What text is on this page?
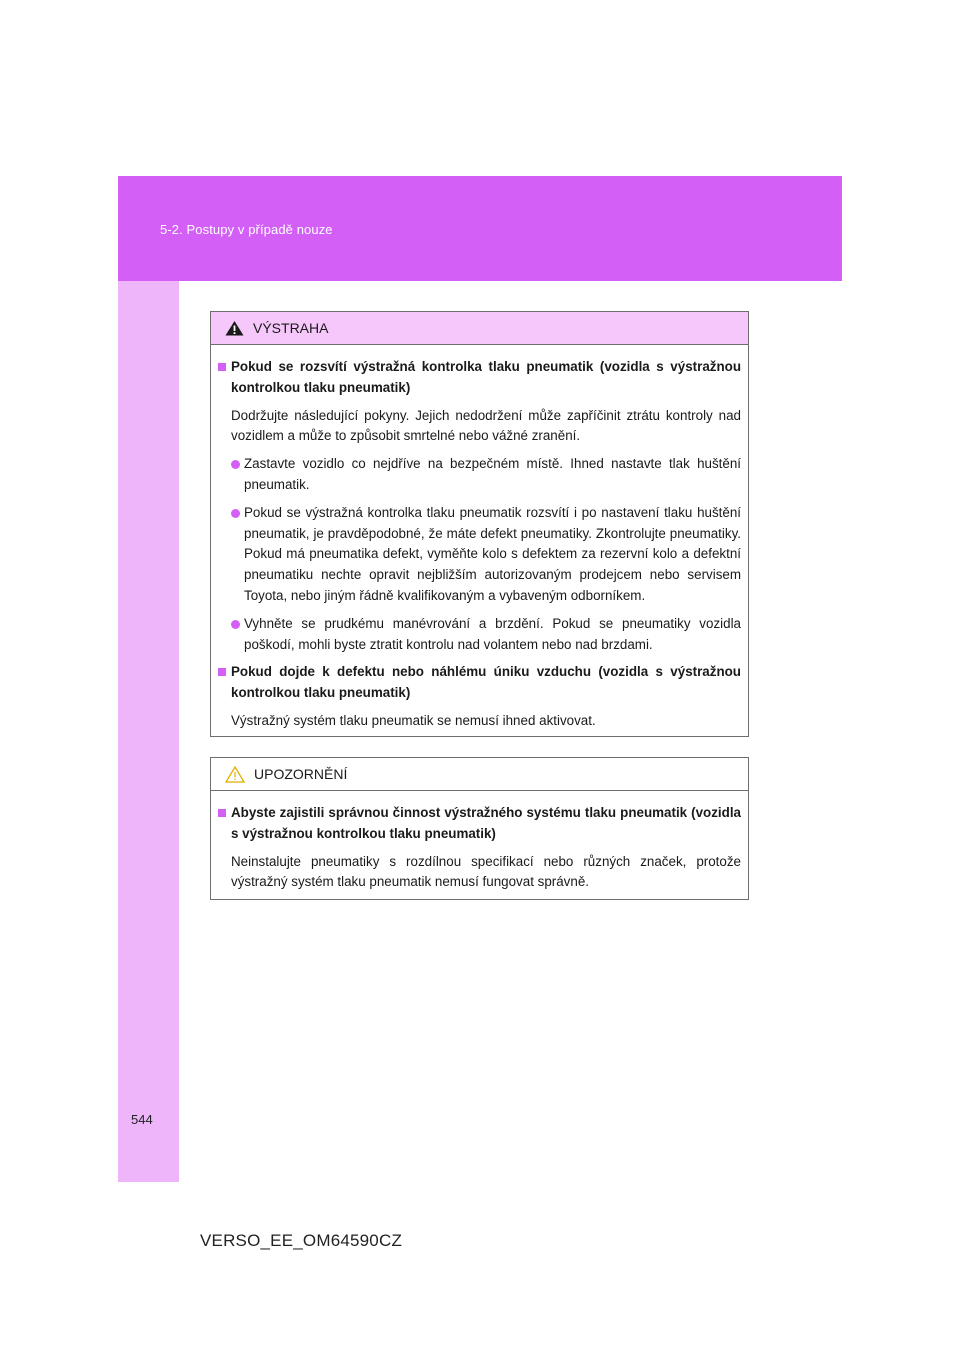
5-2. Postupy v případě nouze
VÝSTRAHA
Pokud se rozsvítí výstražná kontrolka tlaku pneumatik (vozidla s výstražnou kontrolkou tlaku pneumatik)
Dodržujte následující pokyny. Jejich nedodržení může zapříčinit ztrátu kontroly nad vozidlem a může to způsobit smrtelné nebo vážné zranění.
Zastavte vozidlo co nejdříve na bezpečném místě. Ihned nastavte tlak huštění pneumatik.
Pokud se výstražná kontrolka tlaku pneumatik rozsvítí i po nastavení tlaku huštění pneumatik, je pravděpodobné, že máte defekt pneumatiky. Zkontrolujte pneumatiky. Pokud má pneumatika defekt, vyměňte kolo s defektem za rezervní kolo a defektní pneumatiku nechte opravit nejbližším autorizovaným prodejcem nebo servisem Toyota, nebo jiným řádně kvalifikovaným a vybaveným odborníkem.
Vyhněte se prudkému manévrování a brzdění. Pokud se pneumatiky vozidla poškodí, mohli byste ztratit kontrolu nad volantem nebo nad brzdami.
Pokud dojde k defektu nebo náhlému úniku vzduchu (vozidla s výstražnou kontrolkou tlaku pneumatik)
Výstražný systém tlaku pneumatik se nemusí ihned aktivovat.
UPOZORNĚNÍ
Abyste zajistili správnou činnost výstražného systému tlaku pneumatik (vozidla s výstražnou kontrolkou tlaku pneumatik)
Neinstalujte pneumatiky s rozdílnou specifikací nebo různých značek, protože výstražný systém tlaku pneumatik nemusí fungovat správně.
544
VERSO_EE_OM64590CZ
